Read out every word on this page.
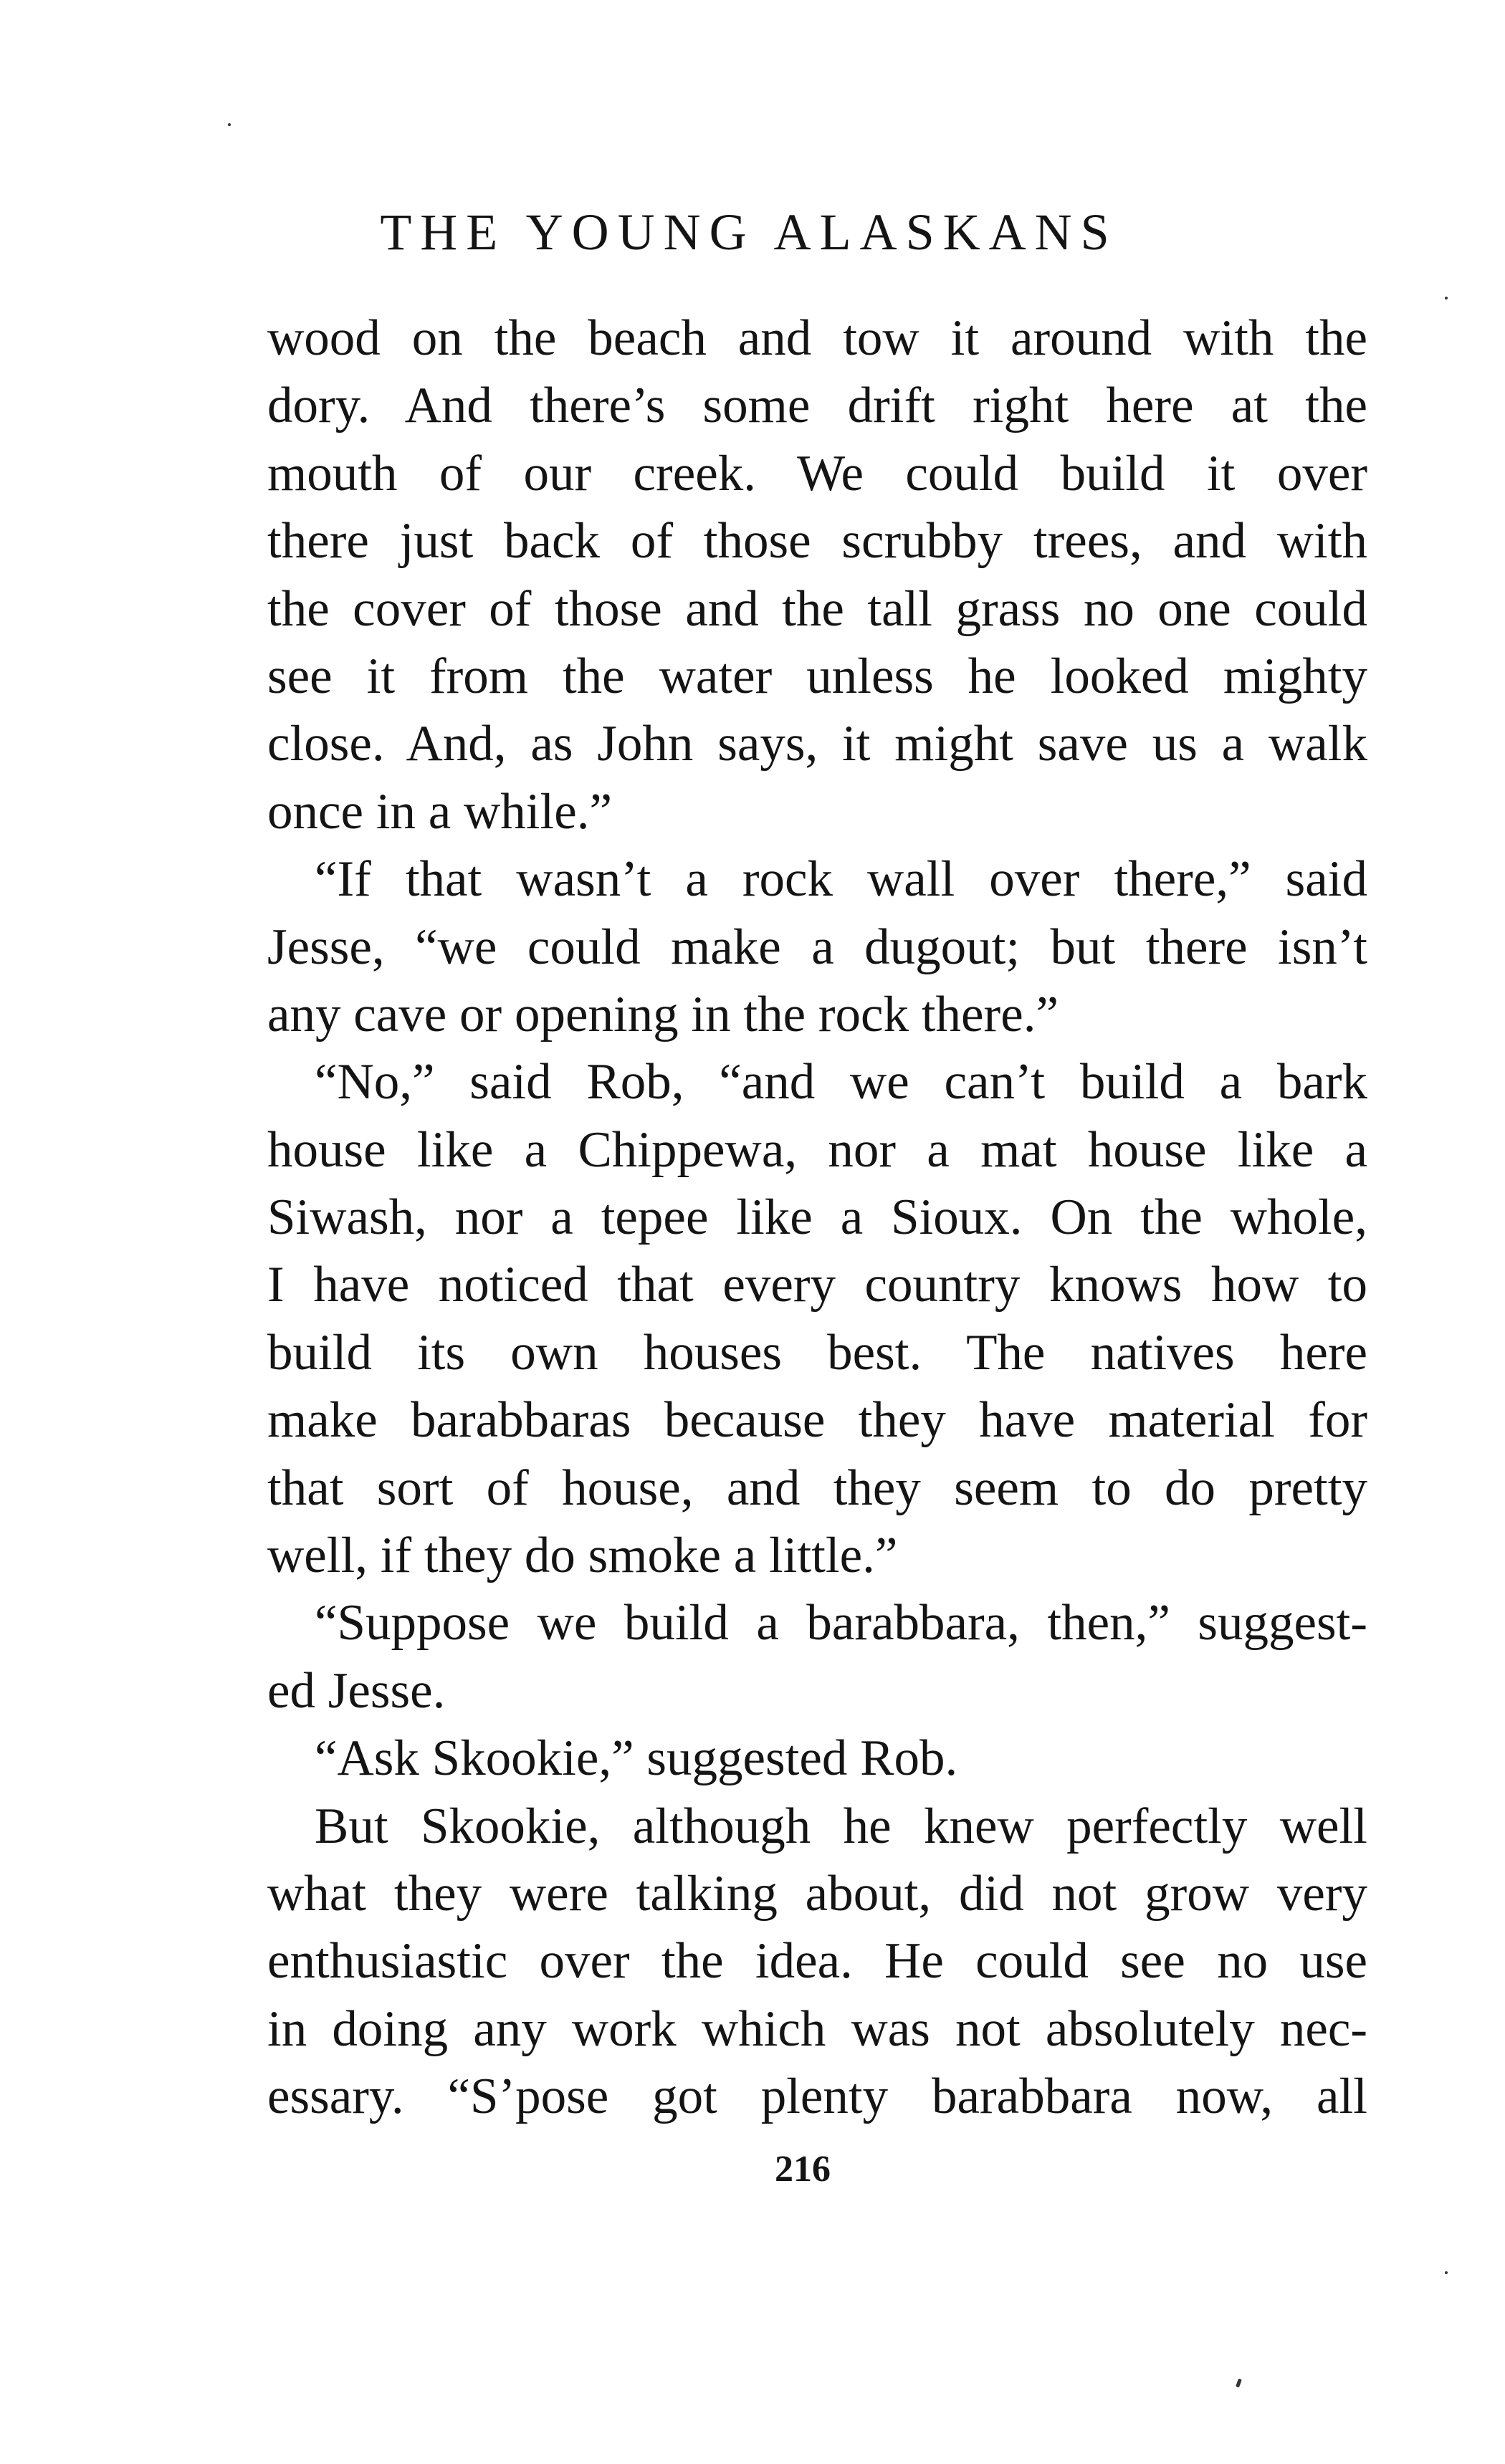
THE YOUNG ALASKANS
wood on the beach and tow it around with the
dory. And there’s some drift right here at the
mouth of our creek. We could build it over
there just back of those scrubby trees, and with
the cover of those and the tall grass no one could
see it from the water unless he looked mighty
close. And, as John says, it might save us a walk
once in a while.”
“If that wasn’t a rock wall over there,” said
Jesse, “we could make a dugout; but there isn’t
any cave or opening in the rock there.”
“No,” said Rob, “and we can’t build a bark
house like a Chippewa, nor a mat house like a
Siwash, nor a tepee like a Sioux. On the whole,
I have noticed that every country knows how to
build its own houses best. The natives here
make barabbaras because they have material for
that sort of house, and they seem to do pretty
well, if they do smoke a little.”
“Suppose we build a barabbara, then,” suggest-
ed Jesse.
“Ask Skookie,” suggested Rob.
But Skookie, although he knew perfectly well
what they were talking about, did not grow very
enthusiastic over the idea. He could see no use
in doing any work which was not absolutely nec-
essary. “S’pose got plenty barabbara now, all
216
